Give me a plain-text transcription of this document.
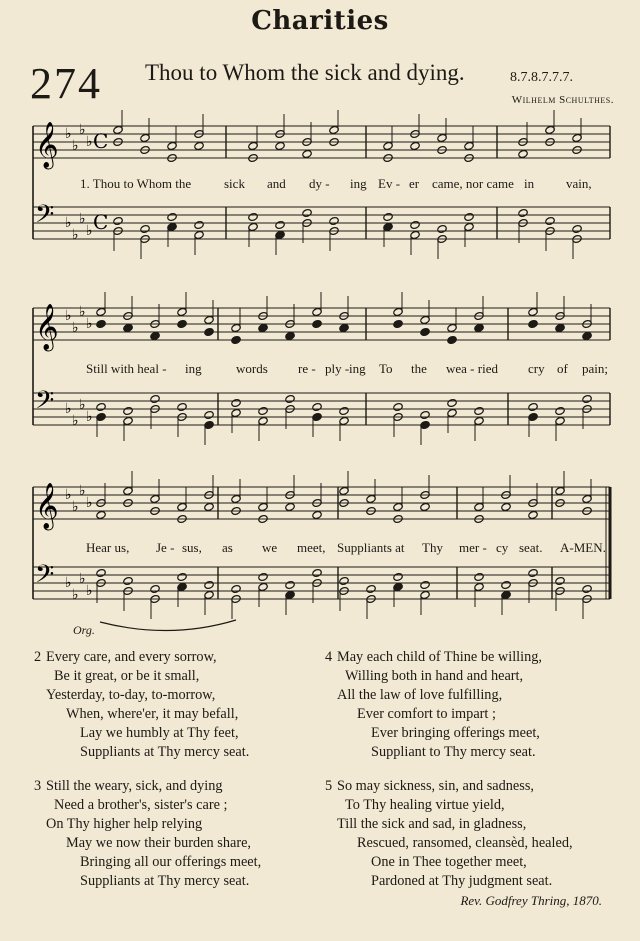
Charities
274 Thou to Whom the sick and dying.	8.7.8.7.7.7.
Wilhelm Schulthes.
𝄞 ♭
♭
♭
♭ C
𝄢 ♭
♭
♭
♭ C
𝄞 ♭
♭
♭
♭
𝄢 ♭
♭
♭
♭
𝄞 ♭
♭
♭
♭
𝄢 ♭
♭
♭
♭
1. Thou to Whom the	sick and dy - ing Ev - er came, nor came in vain,
Still with heal - ing	words re - ply - ing To the wea - ried cry of pain;
Hear us, Je - sus, as we meet, Suppliants at Thy mer - cy seat. A-MEN.
Org.
2 Every care, and every sorrow,
Be it great, or be it small,
Yesterday, to-day, to-morrow,
When, where'er, it may befall,
Lay we humbly at Thy feet,
Suppliants at Thy mercy seat.
3 Still the weary, sick, and dying
Need a brother's, sister's care ;
On Thy higher help relying
May we now their burden share,
Bringing all our offerings meet,
Suppliants at Thy mercy seat.
4 May each child of Thine be willing,
Willing both in hand and heart,
All the law of love fulfilling,
Ever comfort to impart ;
Ever bringing offerings meet,
Suppliant to Thy mercy seat.
5 So may sickness, sin, and sadness,
To Thy healing virtue yield,
Till the sick and sad, in gladness,
Rescued, ransomed, cleansèd, healed,
One in Thee together meet,
Pardoned at Thy judgment seat.
Rev. Godfrey Thring, 1870.
